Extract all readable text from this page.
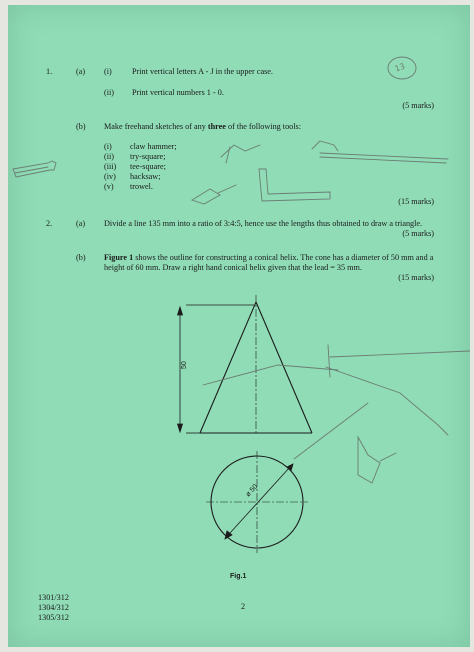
1.	(a) (i) Print vertical letters A - J in the upper case.
(ii) Print vertical numbers 1 - 0.
(5 marks)
(b) Make freehand sketches of any three of the following tools:
(i) claw hammer;
(ii) try-square;
(iii) tee-square;
(iv) hacksaw;
(v) trowel.
(15 marks)
2.	(a) Divide a line 135 mm into a ratio of 3:4:5, hence use the lengths thus obtained to draw a triangle.
(5 marks)
(b) Figure 1 shows the outline for constructing a conical helix. The cone has a diameter of 50 mm and a height of 60 mm. Draw a right hand conical helix given that the lead = 35 mm.
(15 marks)
50
ø 50
Fig.1
13
1301/312
1304/312
1305/312
2
